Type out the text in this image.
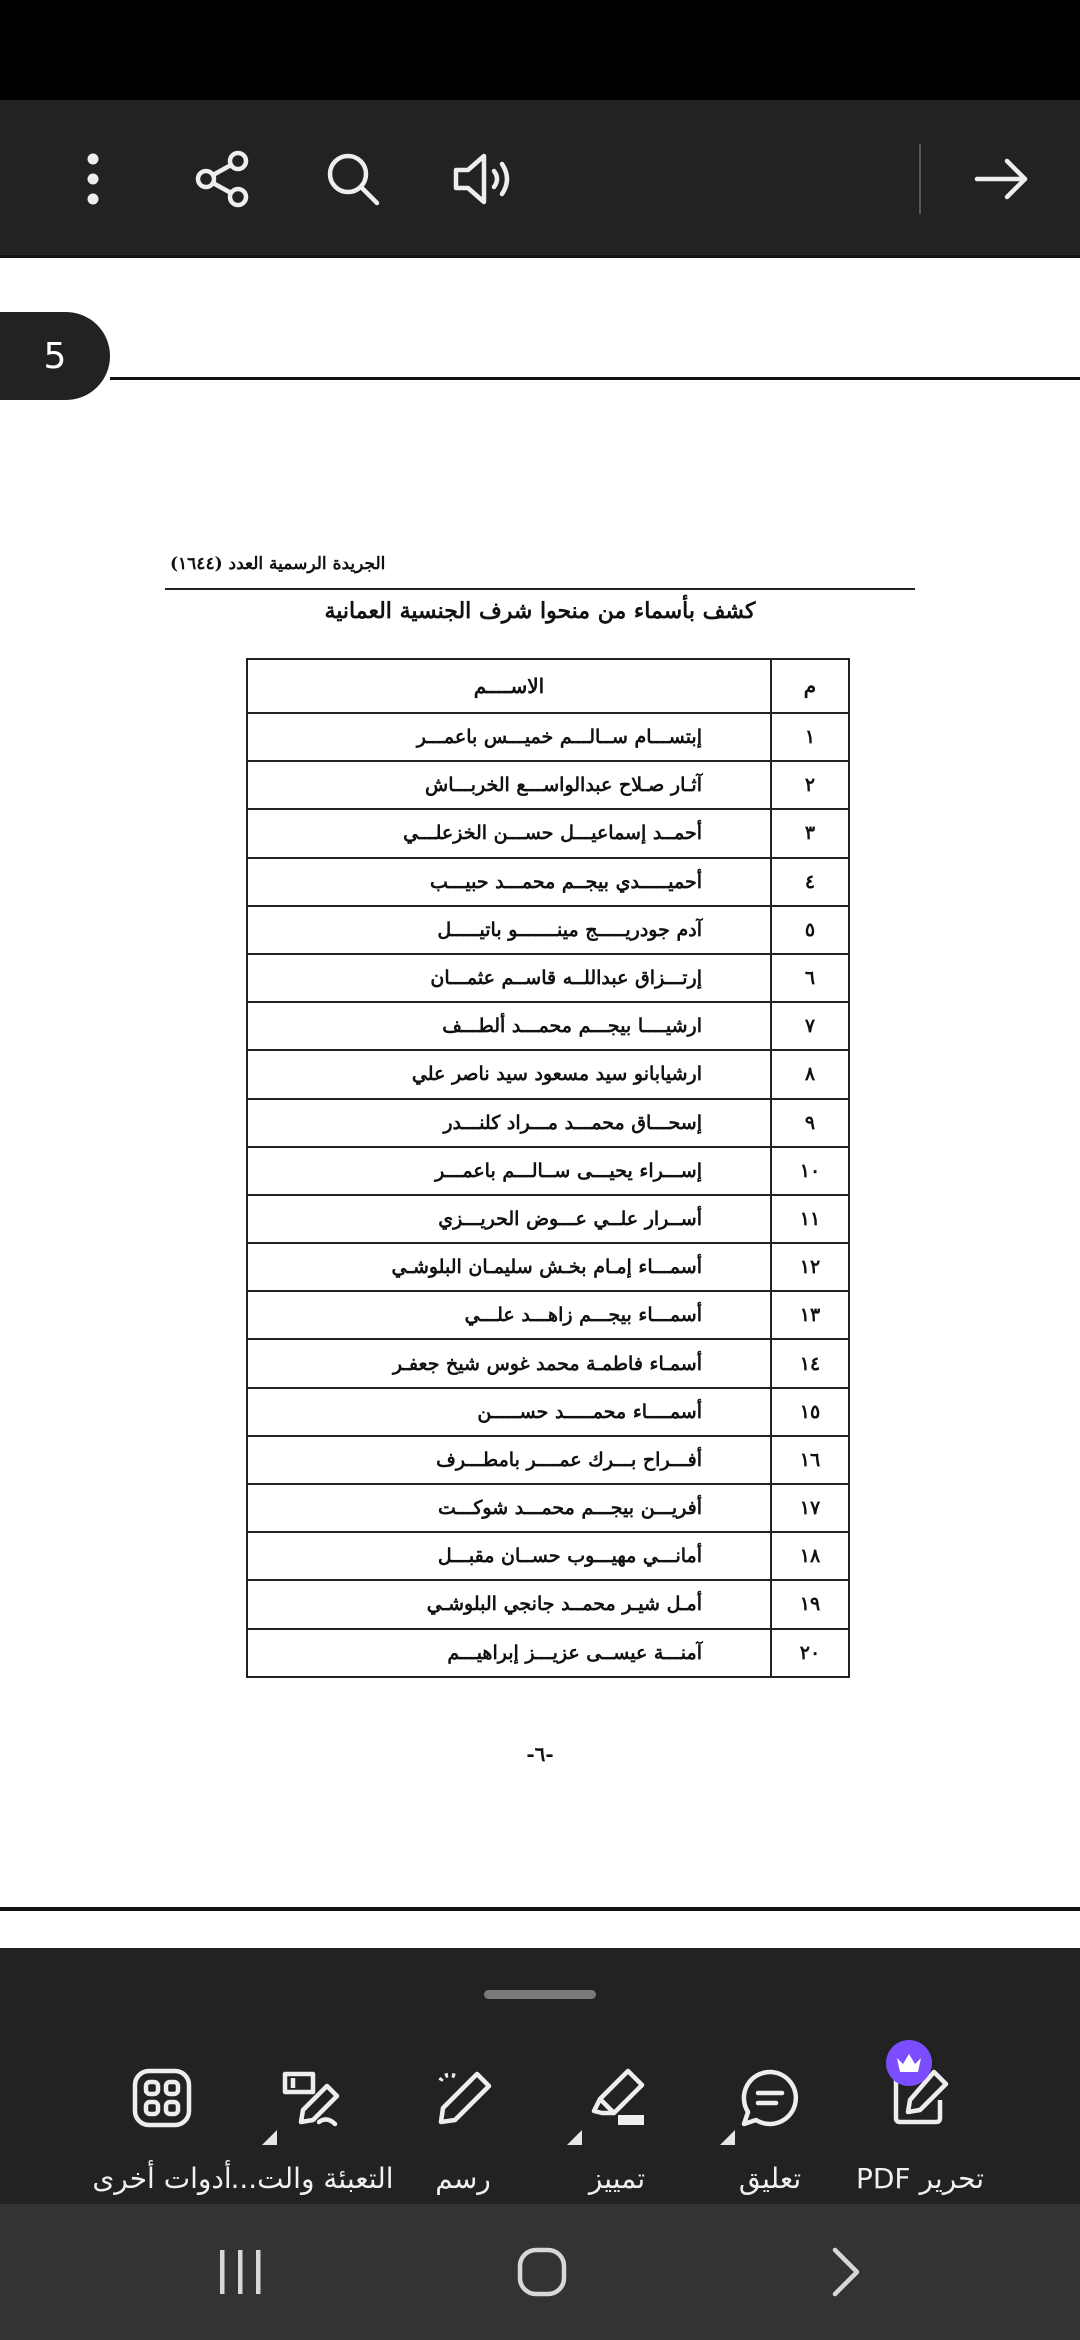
5
الجريدة الرسمية العدد (١٦٤٤)
كشف بأسماء من منحوا شرف الجنسية العمانية
م	الاســــم
١	إبتســـام ســالـــم خميـــس باعمـــر
٢	آثـار صـلاح عبدالواســـع الخربـــاش
٣	أحمــد إسماعيـــل حســـن الخزعلـــي
٤	أحميـــــدي بيجــم محمـــد حبيـــب
٥	آدم جودريـــــج مينـــــــو باتيـــــل
٦	إرتـــزاق عبداللــه قاســم عثمـــان
٧	ارشيــــا بيجـــم محمـــد ألطـــف
٨	ارشيابانو سيد مسعود سيد ناصر علي
٩	إسحـــاق محمـــد مـــراد كلنـــدر
١٠	إســـراء يحيـــى ســالـــم باعمـــر
١١	أســرار علــي عـــوض الحريـــزي
١٢	أسمـــاء إمـام بخـش سليمـان البلوشـي
١٣	أسمـــاء بيجـــم زاهـــد علـــي
١٤	أسمـاء فاطمـة محمد غوس شيخ جعفـر
١٥	أسمــــاء محمـــــد حســـــن
١٦	أفـــراح بـــرك عمــــر بامطـــرف
١٧	أفريـــن بيجـــم محمـــد شوكـــت
١٨	أمانـــي مهيـــوب حســان مقبـــل
١٩	أمـل شيـر محمــد جانجي البلوشـي
٢٠	آمنـــة عيســى عزيـــز إبراهيـــم
-٦-
تحرير PDF
تعليق
تمييز
رسم
التعبئة والت...
أدوات أخرى
